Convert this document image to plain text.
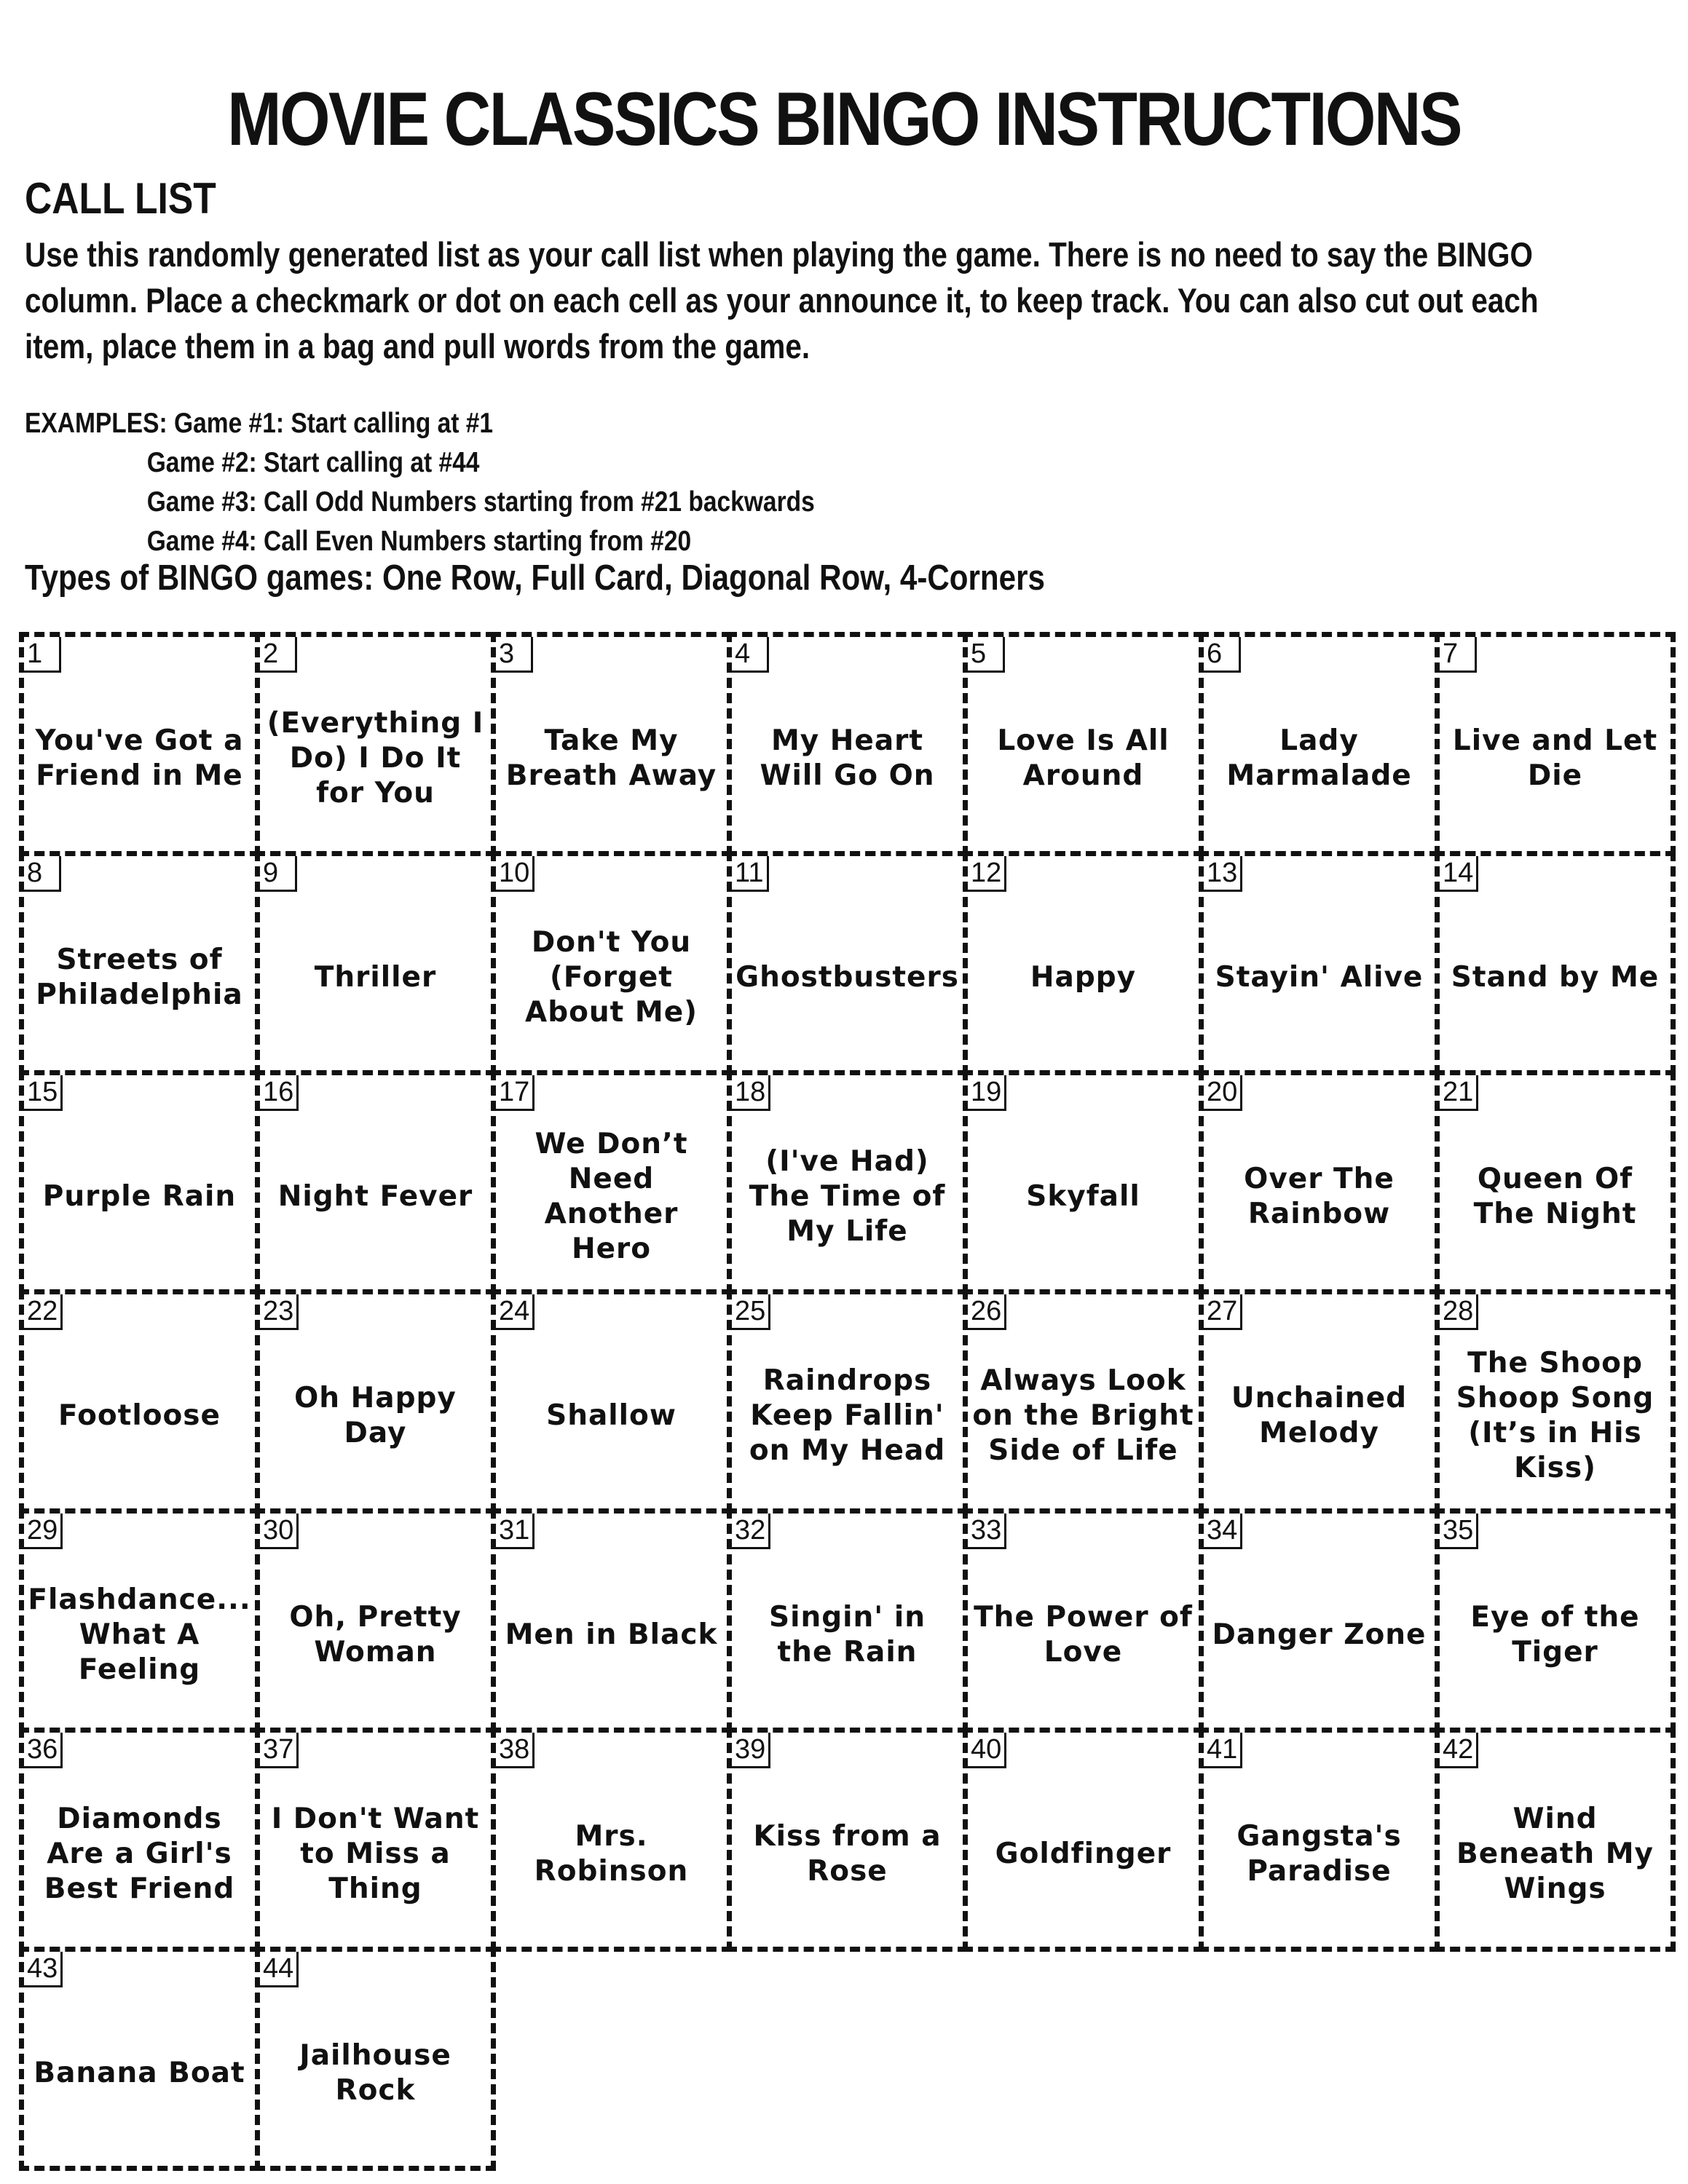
MOVIE CLASSICS BINGO INSTRUCTIONS
CALL LIST

Use this randomly generated list as your call list when playing the game. There is no need to say the BINGO column. Place a checkmark or dot on each cell as your announce it, to keep track. You can also cut out each item, place them in a bag and pull words from the game.

EXAMPLES: Game #1: Start calling at #1
Game #2: Start calling at #44
Game #3: Call Odd Numbers starting from #21 backwards
Game #4: Call Even Numbers starting from #20
Types of BINGO games: One Row, Full Card, Diagonal Row, 4-Corners
1
You've Got a Friend in Me
2
(Everything I Do) I Do It for You
3
Take My Breath Away
4
My Heart Will Go On
5
Love Is All Around
6
Lady Marmalade
7
Live and Let Die
8
Streets of Philadelphia
9
Thriller
10
Don't You (Forget About Me)
11
Ghostbusters
12
Happy
13
Stayin' Alive
14
Stand by Me
15
Purple Rain
16
Night Fever
17
We Don’t Need Another Hero
18
(I've Had) The Time of My Life
19
Skyfall
20
Over The Rainbow
21
Queen Of The Night
22
Footloose
23
Oh Happy Day
24
Shallow
25
Raindrops Keep Fallin' on My Head
26
Always Look on the Bright Side of Life
27
Unchained Melody
28
The Shoop Shoop Song (It’s in His Kiss)
29
Flashdance... What A Feeling
30
Oh, Pretty Woman
31
Men in Black
32
Singin' in the Rain
33
The Power of Love
34
Danger Zone
35
Eye of the Tiger
36
Diamonds Are a Girl's Best Friend
37
I Don't Want to Miss a Thing
38
Mrs. Robinson
39
Kiss from a Rose
40
Goldfinger
41
Gangsta's Paradise
42
Wind Beneath My Wings
43
Banana Boat
44
Jailhouse Rock
